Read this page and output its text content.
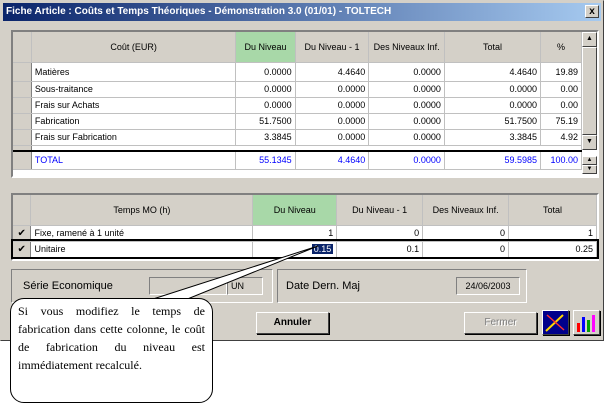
Fiche Article : Coûts et Temps Théoriques - Démonstration 3.0 (01/01) - TOLTECH	x
	Coût (EUR)	Du Niveau	Du Niveau - 1	Des Niveaux Inf.	Total	%
	Matières	0.0000	4.4640	0.0000	4.4640	19.89
	Sous-traitance	0.0000	0.0000	0.0000	0.0000	0.00
	Frais sur Achats	0.0000	0.0000	0.0000	0.0000	0.00
	Fabrication	51.7500	0.0000	0.0000	51.7500	75.19
	Frais sur Fabrication	3.3845	0.0000	0.0000	3.3845	4.92

	TOTAL	55.1345	4.4640	0.0000	59.5985	100.00
▲
▼
▲
▼
	Temps MO (h)	Du Niveau	Du Niveau - 1	Des Niveaux Inf.	Total
✔	Fixe, ramené à 1 unité	1	0	0	1
✔	Unitaire	0.15	0.1	0	0.25
Série Economique	UN	Date Dern. Maj	24/06/2003
Annuler	Fermer
Si vous modifiez le temps de fabrication dans cette colonne, le coût de fabrication du niveau est immédiatement recalculé.
